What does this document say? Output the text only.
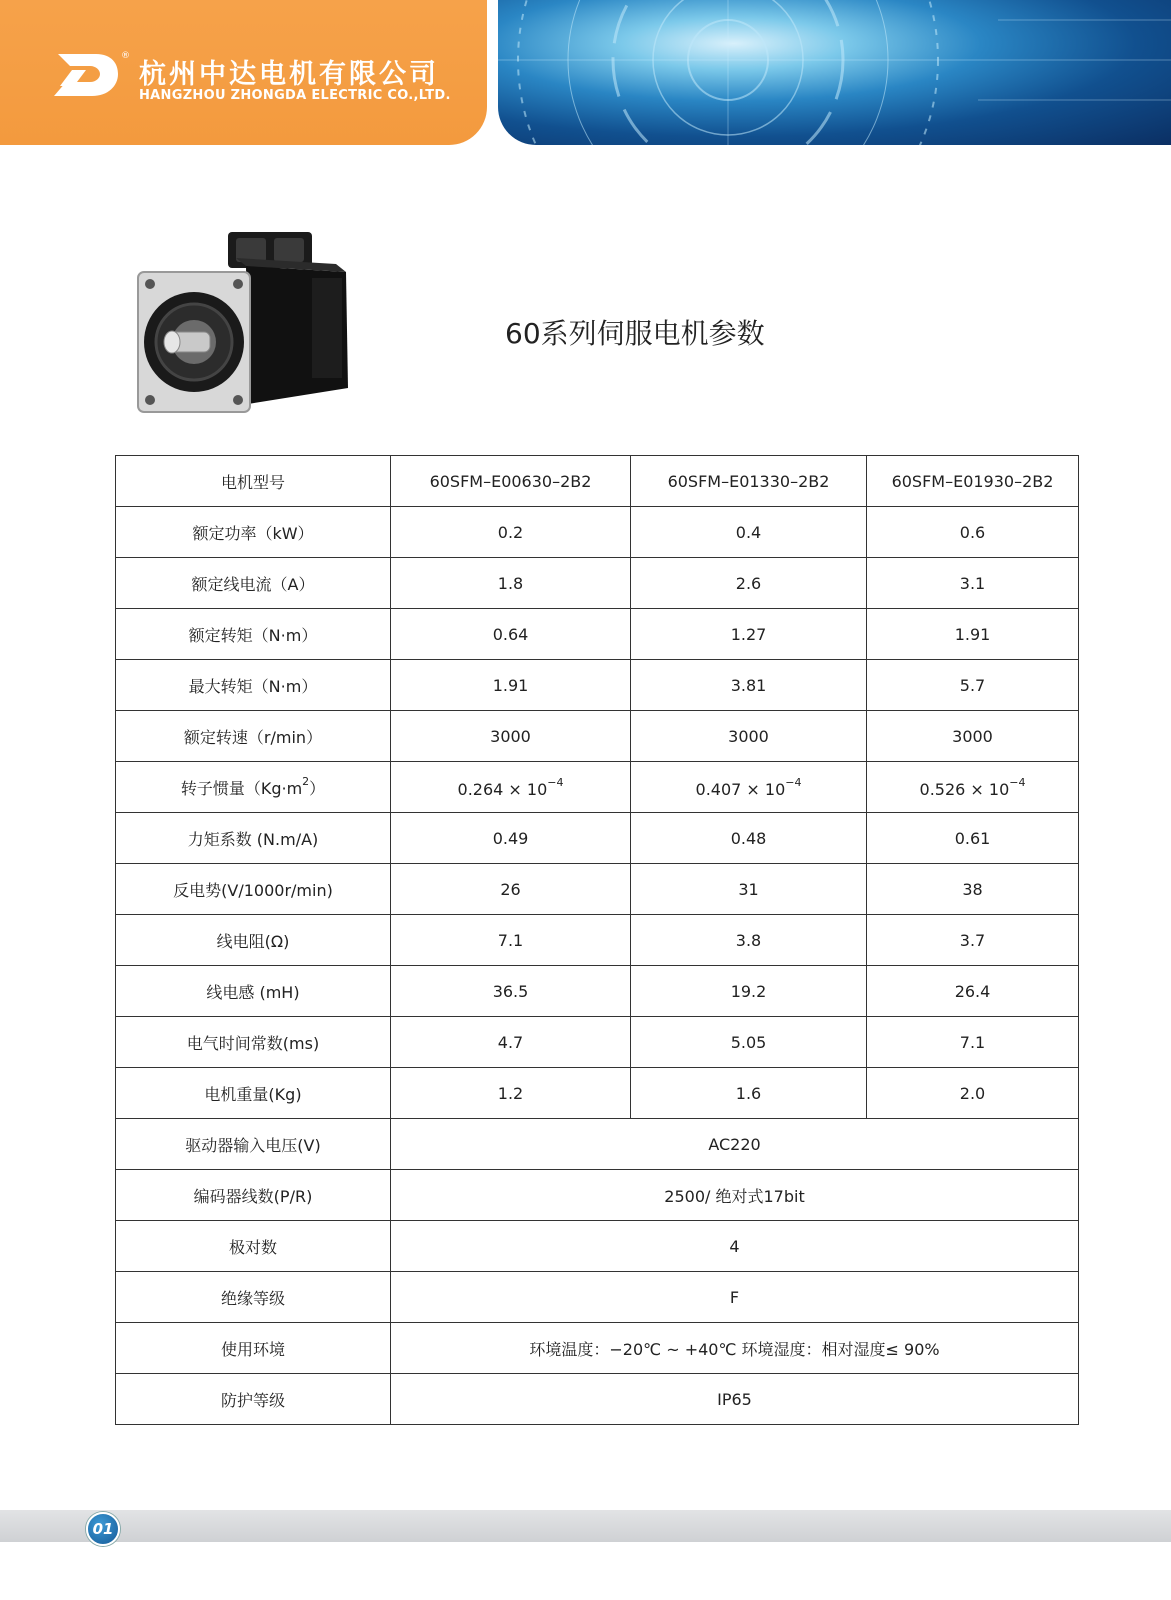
®
杭州中达电机有限公司
HANGZHOU ZHONGDA ELECTRIC CO.,LTD.
60系列伺服电机参数
电机型号	60SFM–E00630–2B2	60SFM–E01330–2B2	60SFM–E01930–2B2
额定功率（kW）	0.2	0.4	0.6
额定线电流（A）	1.8	2.6	3.1
额定转矩（N·m）	0.64	1.27	1.91
最大转矩（N·m）	1.91	3.81	5.7
额定转速（r/min）	3000	3000	3000
转子惯量$(Kg\cdot m^2)$	$0.264 \times 10^{-4}$	$0.407 \times 10^{-4}$	$0.526 \times 10^{-4}$
力矩系数 (N.m/A)	0.49	0.48	0.61
反电势(V/1000r/min)	26	31	38
线电阻(Ω)	7.1	3.8	3.7
线电感 (mH)	36.5	19.2	26.4
电气时间常数(ms)	4.7	5.05	7.1
电机重量(Kg)	1.2	1.6	2.0
驱动器输入电压(V)	AC220		
编码器线数(P/R)	2500/ 绝对式17bit		
极对数	4		
绝缘等级	F		
使用环境	环境温度：−20℃ ~ +40℃ 环境湿度：相对湿度≤ 90%		
防护等级	IP65		
01
